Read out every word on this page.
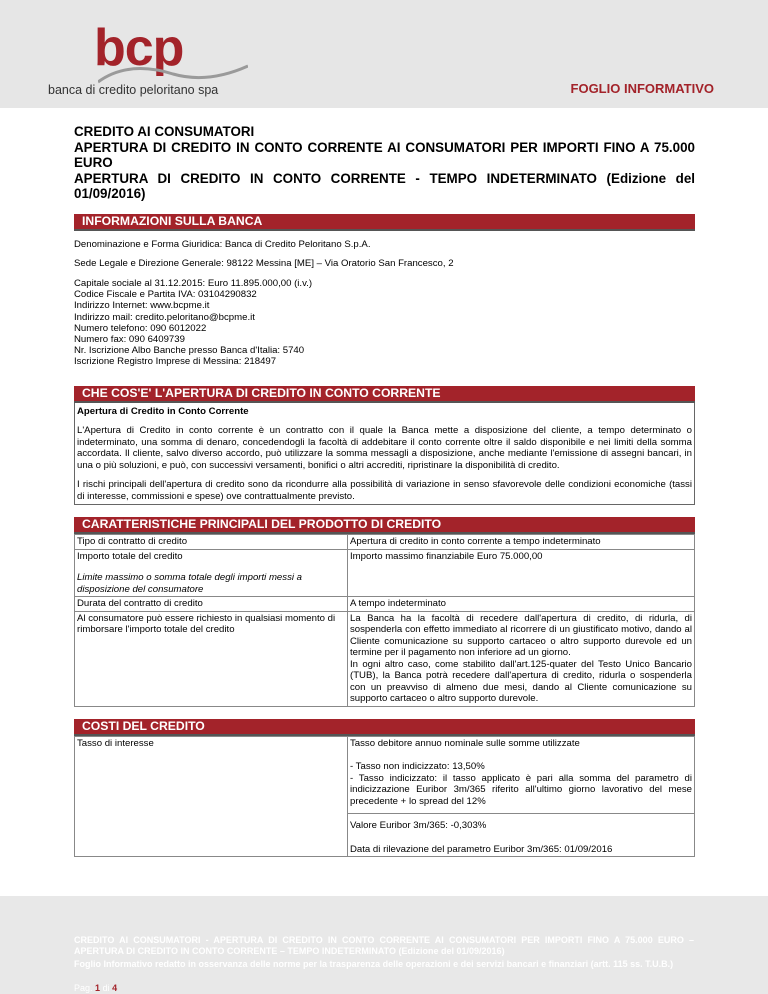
bcp
banca di credito peloritano spa	FOGLIO INFORMATIVO
CREDITO AI CONSUMATORI
APERTURA DI CREDITO IN CONTO CORRENTE AI CONSUMATORI PER IMPORTI FINO A 75.000 EURO
APERTURA DI CREDITO IN CONTO CORRENTE - TEMPO INDETERMINATO (Edizione del 01/09/2016)
INFORMAZIONI SULLA BANCA

Denominazione e Forma Giuridica: Banca di Credito Peloritano S.p.A.

Sede Legale e Direzione Generale: 98122 Messina [ME] – Via Oratorio San Francesco, 2

Capitale sociale al 31.12.2015: Euro 11.895.000,00 (i.v.)
Codice Fiscale e Partita IVA: 03104290832
Indirizzo Internet: www.bcpme.it
Indirizzo mail: credito.peloritano@bcpme.it
Numero telefono: 090 6012022
Numero fax: 090 6409739
Nr. Iscrizione Albo Banche presso Banca d'Italia: 5740
Iscrizione Registro Imprese di Messina: 218497
CHE COS'E' L'APERTURA DI CREDITO IN CONTO CORRENTE
Apertura di Credito in Conto Corrente

L'Apertura di Credito in conto corrente è un contratto con il quale la Banca mette a disposizione del cliente, a tempo determinato o indeterminato, una somma di denaro, concedendogli la facoltà di addebitare il conto corrente oltre il saldo disponibile e nei limiti della somma accordata. Il cliente, salvo diverso accordo, può utilizzare la somma messagli a disposizione, anche mediante l'emissione di assegni bancari, in una o più soluzioni, e può, con successivi versamenti, bonifici o altri accrediti, ripristinare la disponibilità di credito.

I rischi principali dell'apertura di credito sono da ricondurre alla possibilità di variazione in senso sfavorevole delle condizioni economiche (tassi di interesse, commissioni e spese) ove contrattualmente previsto.

CARATTERISTICHE PRINCIPALI DEL PRODOTTO DI CREDITO
Tipo di contratto di credito	Apertura di credito in conto corrente a tempo indeterminato

Importo totale del credito
Limite massimo o somma totale degli importi messi a disposizione del consumatore	Importo massimo finanziabile Euro 75.000,00
Durata del contratto di credito	A tempo indeterminato
Al consumatore può essere richiesto in qualsiasi momento di rimborsare l'importo totale del credito	La Banca ha la facoltà di recedere dall'apertura di credito, di ridurla, di sospenderla con effetto immediato al ricorrere di un giustificato motivo, dando al Cliente comunicazione su supporto cartaceo o altro supporto durevole ed un termine per il pagamento non inferiore ad un giorno.
In ogni altro caso, come stabilito dall'art.125-quater del Testo Unico Bancario (TUB), la Banca potrà recedere dall'apertura di credito, ridurla o sospenderla con un preavviso di almeno due mesi, dando al Cliente comunicazione su supporto cartaceo o altro supporto durevole.
COSTI DEL CREDITO
Tasso di interesse	Tasso debitore annuo nominale sulle somme utilizzate
- Tasso non indicizzato: 13,50%
- Tasso indicizzato: il tasso applicato è pari alla somma del parametro di indicizzazione Euribor 3m/365 riferito all'ultimo giorno lavorativo del mese precedente + lo spread del 12%
Valore Euribor 3m/365: -0,303%
Data di rilevazione del parametro Euribor 3m/365: 01/09/2016
CREDITO AI CONSUMATORI - APERTURA DI CREDITO IN CONTO CORRENTE AI CONSUMATORI PER IMPORTI FINO A 75.000 EURO – APERTURA DI CREDITO IN CONTO CORRENTE – TEMPO INDETERMINATO (Edizione del 01/09/2016)
Foglio Informativo redatto in osservanza delle norme per la trasparenza delle operazioni e dei servizi bancari e finanziari (artt. 115 ss. T.U.B.)
Pag. 1 di 4
